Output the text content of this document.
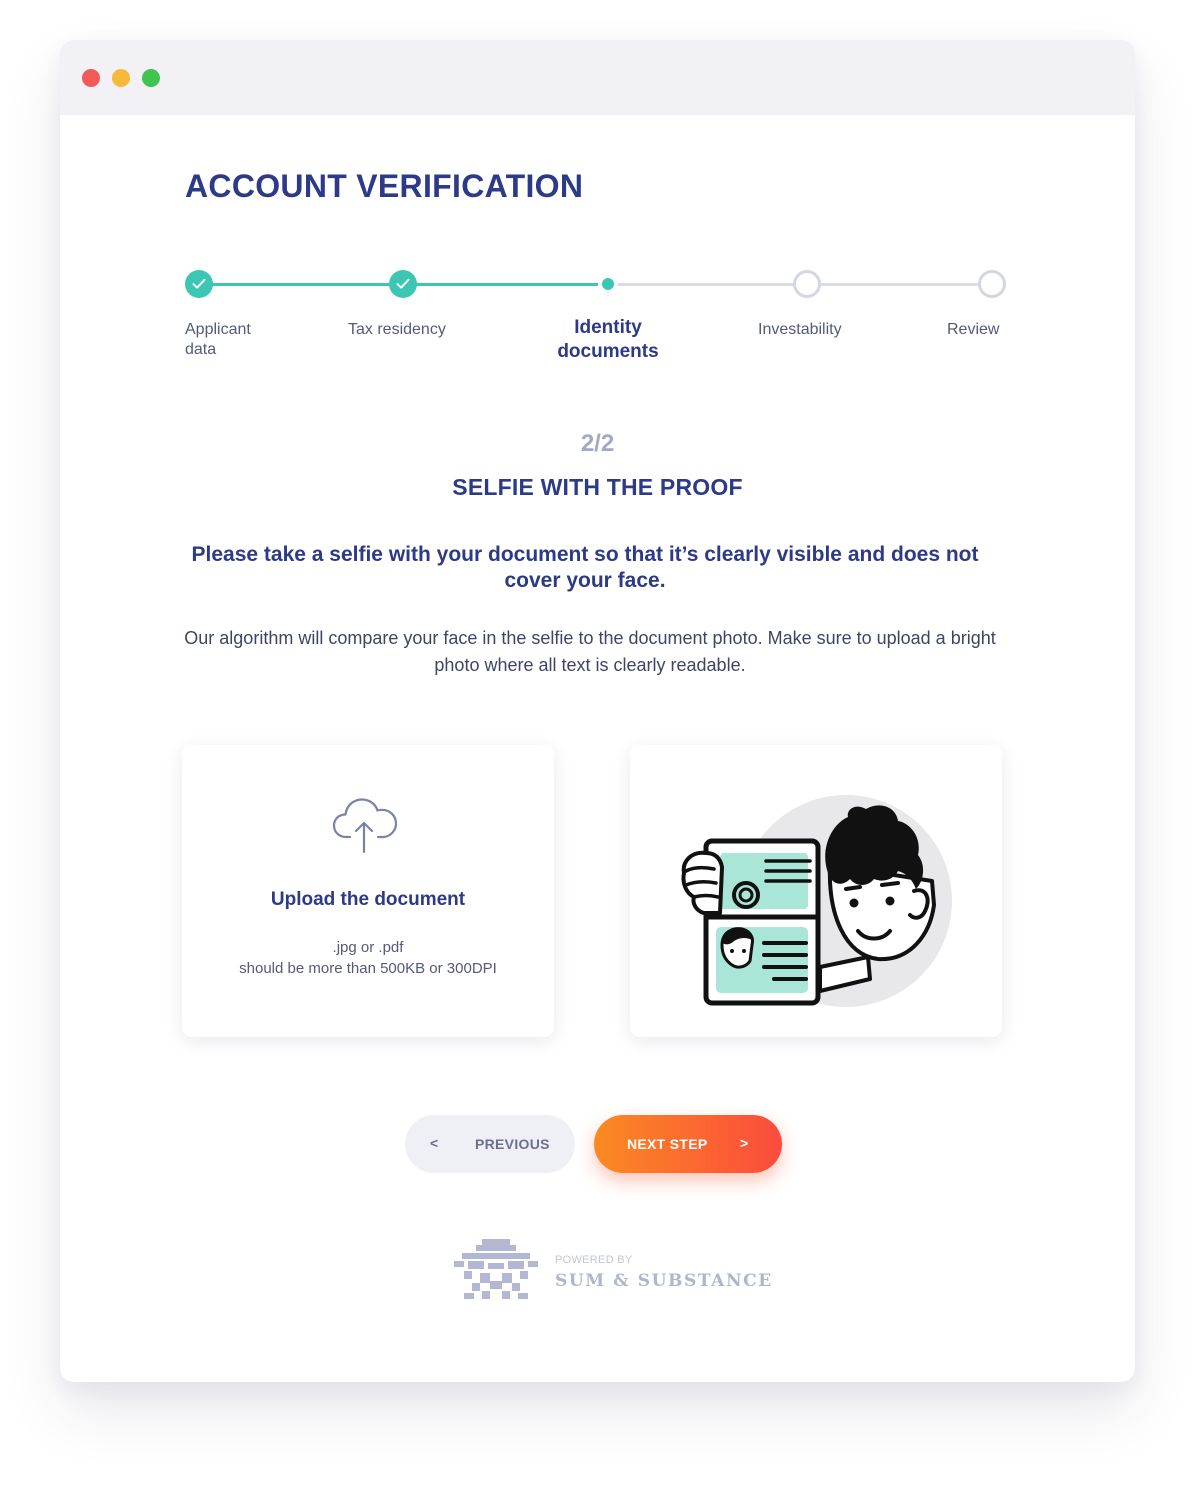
ACCOUNT VERIFICATION
Applicant data
Tax residency	Identity documents
Investability	Review
2/2
SELFIE WITH THE PROOF
Please take a selfie with your document so that it’s clearly visible and does not cover your face.
Our algorithm will compare your face in the selfie to the document photo. Make sure to upload a bright photo where all text is clearly readable.
Upload the document
.jpg or .pdf
should be more than 500KB or 300DPI
<	PREVIOUS	NEXT STEP >
POWERED BY
SUM & SUBSTANCE
